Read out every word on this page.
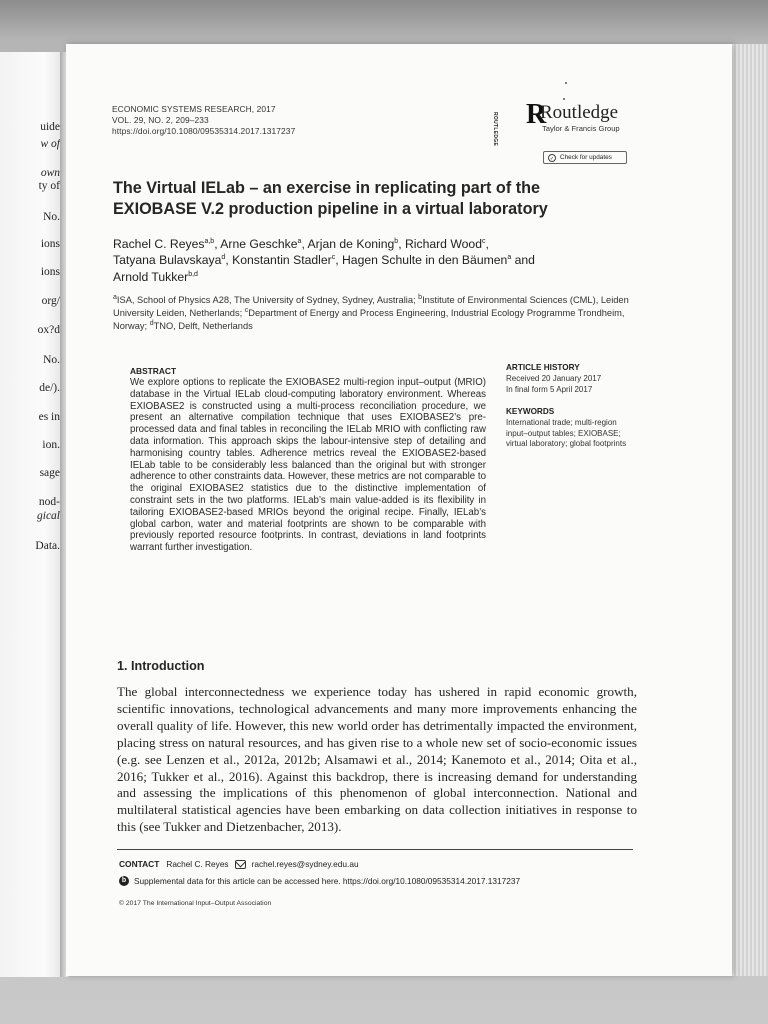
uide
w of
own
ty of
No.
ions
ions
org/
ox?d
No.
de/).
es in
ion.
sage
nod-
gical
Data.
ECONOMIC SYSTEMS RESEARCH, 2017
VOL. 29, NO. 2, 209–233
https://doi.org/10.1080/09535314.2017.1317237
R
ROUTLEDGE Routledge
Taylor & Francis Group
✓ Check for updates
The Virtual IELab – an exercise in replicating part of the EXIOBASE V.2 production pipeline in a virtual laboratory
Rachel C. Reyes$^{a,b}$, Arne Geschke$^a$, Arjan de Koning$^b$, Richard Wood$^c$,
Tatyana Bulavskaya$^d$, Konstantin Stadler$^c$, Hagen Schulte in den Bäumen$^a$ and
Arnold Tukker$^{b,d}$
$^a$ISA, School of Physics A28, The University of Sydney, Sydney, Australia; $^b$Institute of Environmental Sciences (CML), Leiden University Leiden, Netherlands; $^c$Department of Energy and Process Engineering, Industrial Ecology Programme Trondheim, Norway; $^d$TNO, Delft, Netherlands
ABSTRACT
We explore options to replicate the EXIOBASE2 multi-region input–output (MRIO) database in the Virtual IELab cloud-computing laboratory environment. Whereas EXIOBASE2 is constructed using a multi-process reconciliation procedure, we present an alternative compilation technique that uses EXIOBASE2’s pre-processed data and final tables in reconciling the IELab MRIO with conflicting raw data information. This approach skips the labour-intensive step of detailing and harmonising country tables. Adherence metrics reveal the EXIOBASE2-based IELab table to be considerably less balanced than the original but with stronger adherence to other constraints data. However, these metrics are not comparable to the original EXIOBASE2 statistics due to the distinctive implementation of constraint sets in the two platforms. IELab’s main value-added is its flexibility in tailoring EXIOBASE2-based MRIOs beyond the original recipe. Finally, IELab’s global carbon, water and material footprints are shown to be comparable with previously reported resource footprints. In contrast, deviations in land footprints warrant further investigation.
ARTICLE HISTORY
Received 20 January 2017
In final form 5 April 2017
KEYWORDS
International trade; multi-region input–output tables; EXIOBASE; virtual laboratory; global footprints
1. Introduction
The global interconnectedness we experience today has ushered in rapid economic growth, scientific innovations, technological advancements and many more improvements enhancing the overall quality of life. However, this new world order has detrimentally impacted the environment, placing stress on natural resources, and has given rise to a whole new set of socio-economic issues (e.g. see Lenzen et al., 2012a, 2012b; Alsamawi et al., 2014; Kanemoto et al., 2014; Oita et al., 2016; Tukker et al., 2016). Against this backdrop, there is increasing demand for understanding and assessing the implications of this phenomenon of global interconnection. National and multilateral statistical agencies have been embarking on data collection initiatives in response to this (see Tukker and Dietzenbacher, 2013).
CONTACT Rachel C. Reyes	rachel.reyes@sydney.edu.au
b Supplemental data for this article can be accessed here. https://doi.org/10.1080/09535314.2017.1317237
© 2017 The International Input–Output Association
